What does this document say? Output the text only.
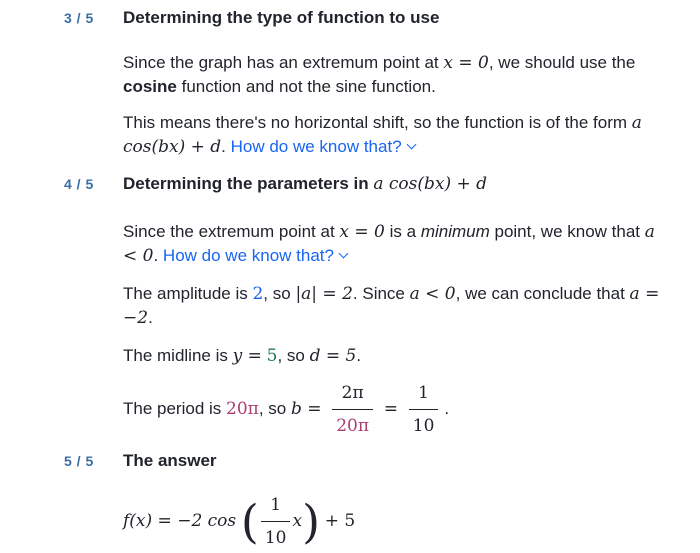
3 / 5 Determining the type of function to use
Since the graph has an extremum point at x = 0, we should use the cosine function and not the sine function.
This means there's no horizontal shift, so the function is of the form a cos(bx) + d. How do we know that?
4 / 5 Determining the parameters in a cos(bx) + d
Since the extremum point at x = 0 is a minimum point, we know that a < 0. How do we know that?
The amplitude is 2, so |a| = 2. Since a < 0, we can conclude that a = −2.
The midline is y = 5, so d = 5.
The period is 20π, so $b = \frac{2\pi}{20\pi} = \frac{1}{10}$ .
5 / 5 The answer
f(x) = −2 cos ( $\frac{1}{10} x) + 5$
